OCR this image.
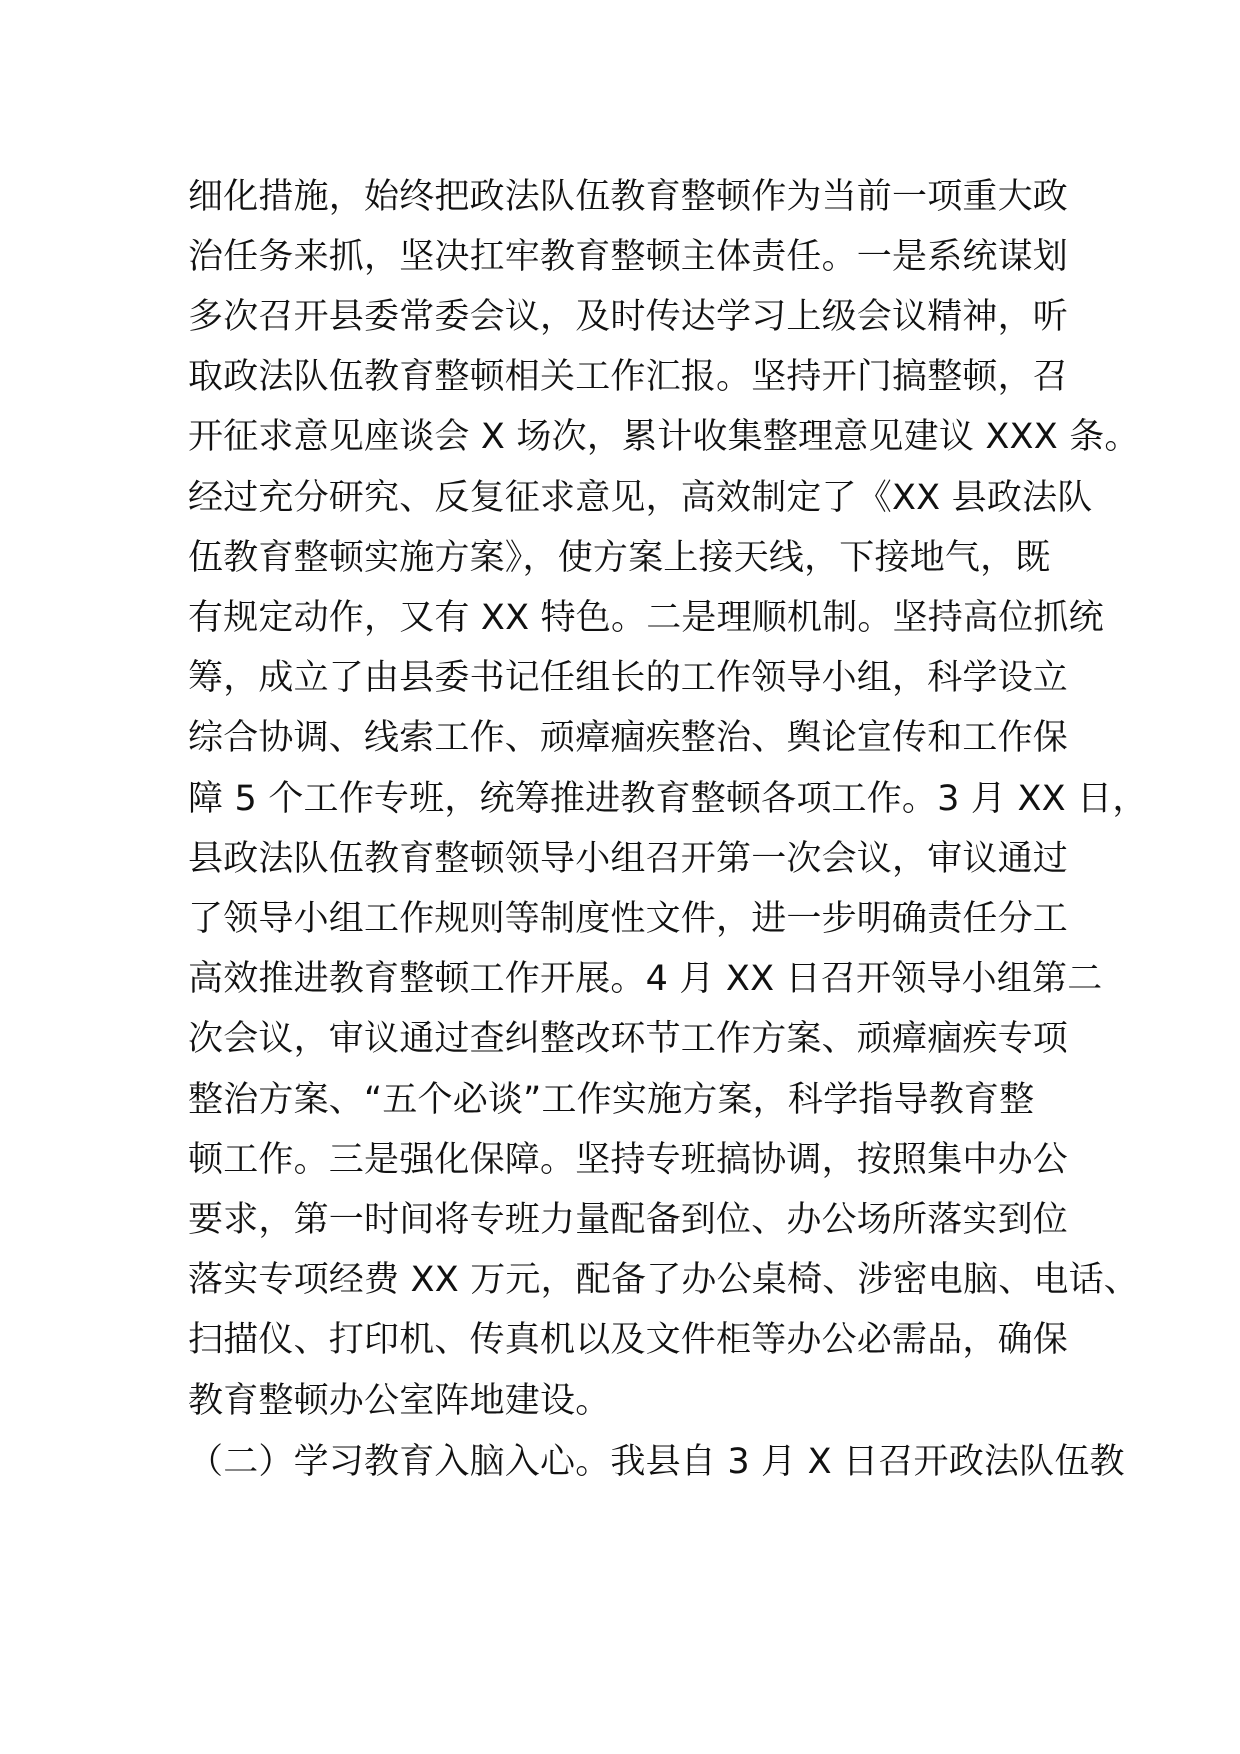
细化措施，始终把政法队伍教育整顿作为当前一项重大政
治任务来抓，坚决扛牢教育整顿主体责任。一是系统谋划
多次召开县委常委会议，及时传达学习上级会议精神，听
取政法队伍教育整顿相关工作汇报。坚持开门搞整顿，召
开征求意见座谈会 X 场次，累计收集整理意见建议 XXX 条。
经过充分研究、反复征求意见，高效制定了《XX 县政法队
伍教育整顿实施方案》，使方案上接天线，下接地气，既
有规定动作，又有 XX 特色。二是理顺机制。坚持高位抓统
筹，成立了由县委书记任组长的工作领导小组，科学设立
综合协调、线索工作、顽瘴痼疾整治、舆论宣传和工作保
障 5 个工作专班，统筹推进教育整顿各项工作。3 月 XX 日，
县政法队伍教育整顿领导小组召开第一次会议，审议通过
了领导小组工作规则等制度性文件，进一步明确责任分工
高效推进教育整顿工作开展。4 月 XX 日召开领导小组第二
次会议，审议通过查纠整改环节工作方案、顽瘴痼疾专项
整治方案、“五个必谈”工作实施方案，科学指导教育整
顿工作。三是强化保障。坚持专班搞协调，按照集中办公
要求，第一时间将专班力量配备到位、办公场所落实到位
落实专项经费 XX 万元，配备了办公桌椅、涉密电脑、电话、
扫描仪、打印机、传真机以及文件柜等办公必需品，确保
教育整顿办公室阵地建设。
（二）学习教育入脑入心。我县自 3 月 X 日召开政法队伍教
